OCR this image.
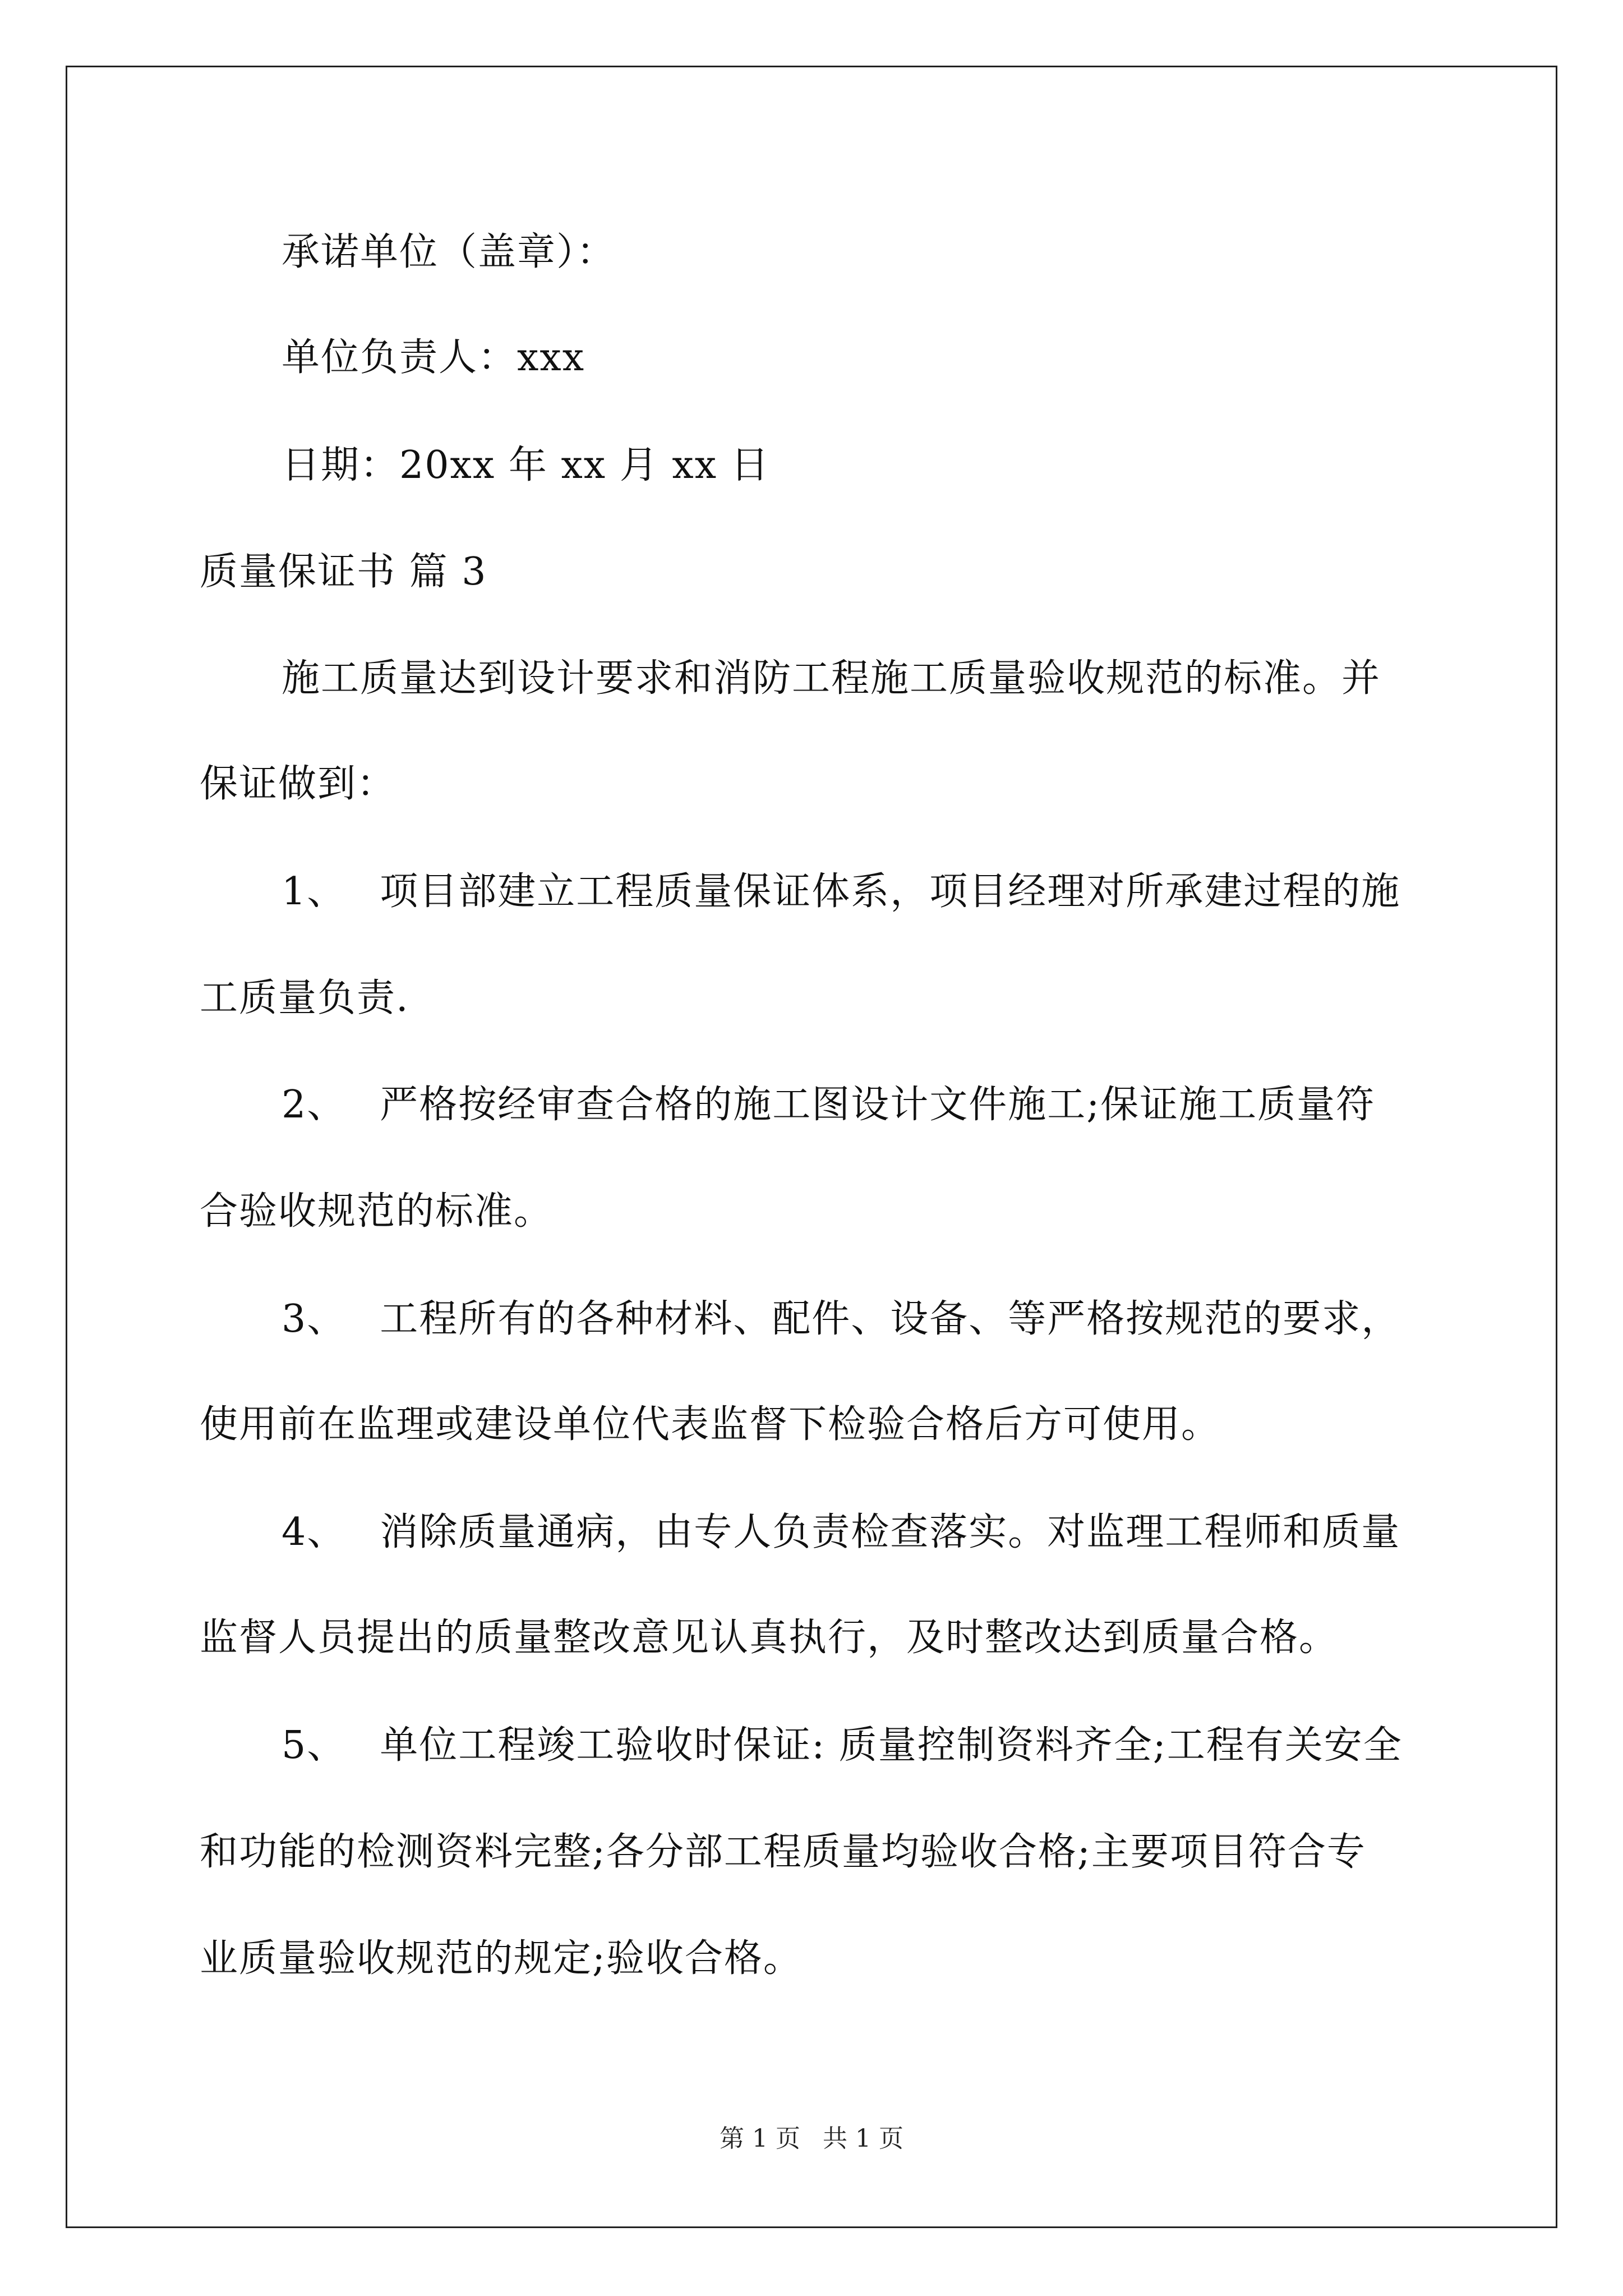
承诺单位（盖章）：
单位负责人：xxx
日期：20xx 年 xx 月 xx 日
质量保证书 篇 3
施工质量达到设计要求和消防工程施工质量验收规范的标准。并
保证做到：
1、 项目部建立工程质量保证体系，项目经理对所承建过程的施
工质量负责.
2、 严格按经审查合格的施工图设计文件施工;保证施工质量符
合验收规范的标准。
3、 工程所有的各种材料、配件、设备、等严格按规范的要求，
使用前在监理或建设单位代表监督下检验合格后方可使用。
4、 消除质量通病，由专人负责检查落实。对监理工程师和质量
监督人员提出的质量整改意见认真执行，及时整改达到质量合格。
5、 单位工程竣工验收时保证: 质量控制资料齐全;工程有关安全
和功能的检测资料完整;各分部工程质量均验收合格;主要项目符合专
业质量验收规范的规定;验收合格。
第 1 页 共 1 页
